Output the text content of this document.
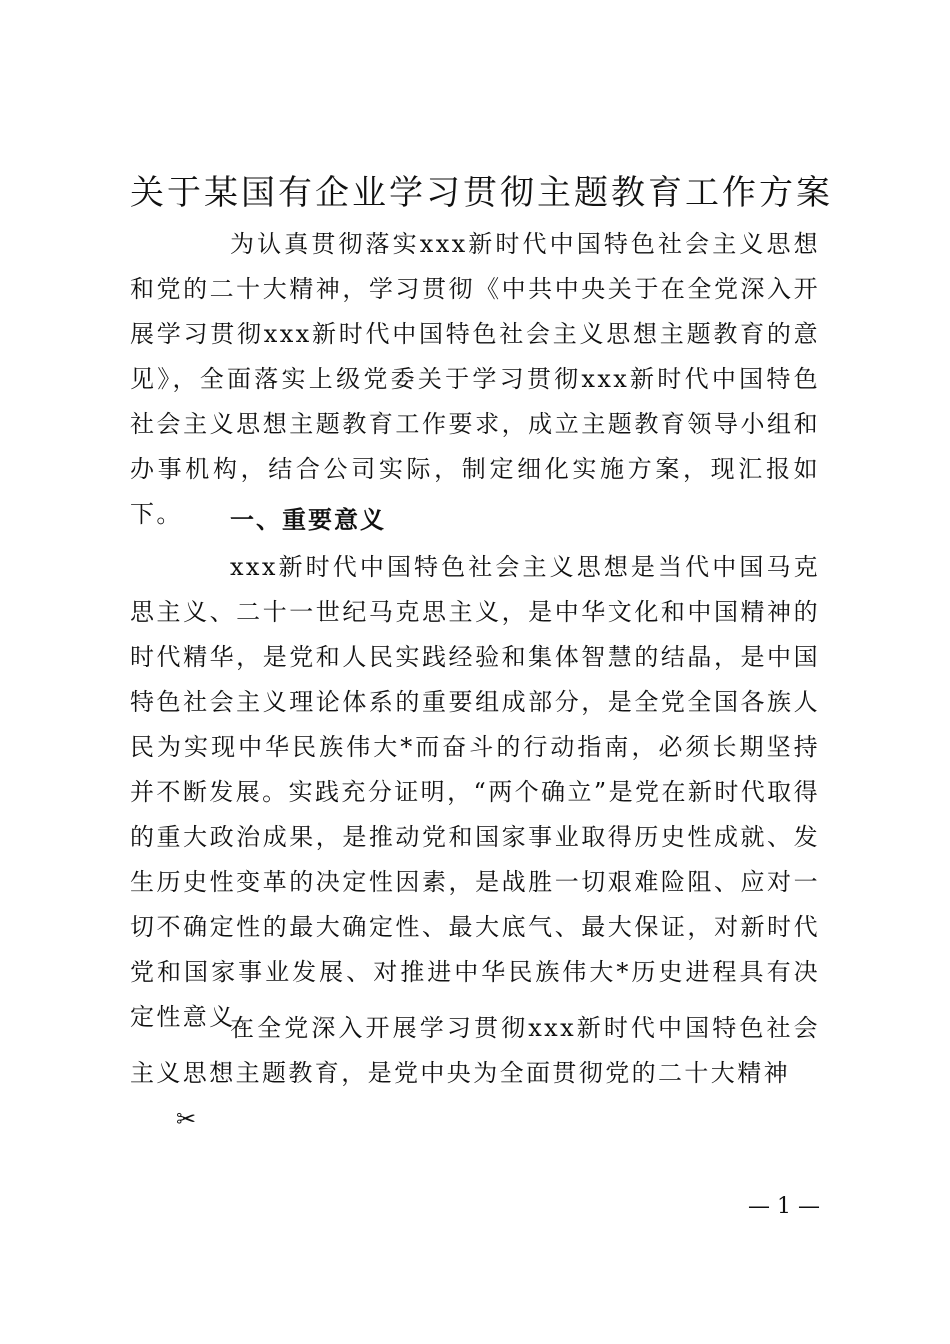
关于某国有企业学习贯彻主题教育工作方案

为认真贯彻落实xxx新时代中国特色社会主义思想和党的二十大精神，学习贯彻《中共中央关于在全党深入开展学习贯彻xxx新时代中国特色社会主义思想主题教育的意见》，全面落实上级党委关于学习贯彻xxx新时代中国特色社会主义思想主题教育工作要求，成立主题教育领导小组和办事机构，结合公司实际，制定细化实施方案，现汇报如下。	一、重要意义

xxx新时代中国特色社会主义思想是当代中国马克思主义、二十一世纪马克思主义，是中华文化和中国精神的时代精华，是党和人民实践经验和集体智慧的结晶，是中国特色社会主义理论体系的重要组成部分，是全党全国各族人民为实现中华民族伟大*而奋斗的行动指南，必须长期坚持并不断发展。实践充分证明，“两个确立”是党在新时代取得的重大政治成果，是推动党和国家事业取得历史性成就、发生历史性变革的决定性因素，是战胜一切艰难险阻、应对一切不确定性的最大确定性、最大底气、最大保证，对新时代党和国家事业发展、对推进中华民族伟大*历史进程具有决定性意义。

在全党深入开展学习贯彻xxx新时代中国特色社会主义思想主题教育，是党中央为全面贯彻党的二十大精神

✂
— 1 —
